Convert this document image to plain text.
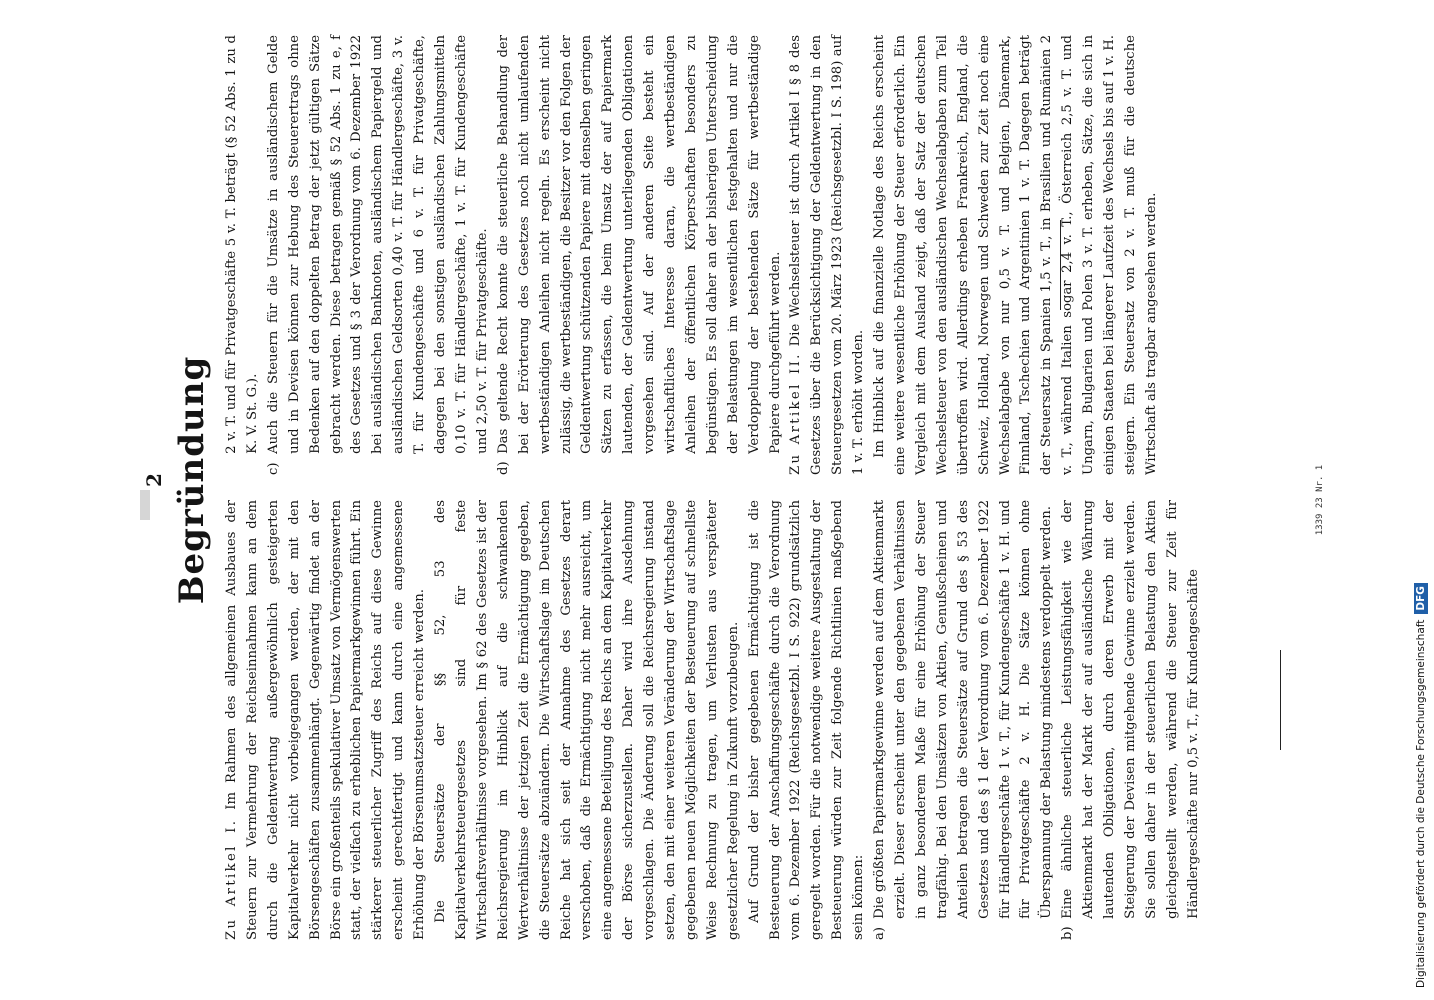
2 Begründung

Zu Artikel I. Im Rahmen des allgemeinen Ausbaues der Steuern zur Vermehrung der Reichseinnahmen kann an dem durch die Geldentwertung außergewöhnlich gesteigerten Kapitalverkehr nicht vorbeigegangen werden, der mit den Börsengeschäften zusammenhängt. Gegenwärtig findet an der Börse ein großenteils spekulativer Umsatz von Vermögenswerten statt, der vielfach zu erheblichen Papiermarkgewinnen führt. Ein stärkerer steuerlicher Zugriff des Reichs auf diese Gewinne erscheint gerechtfertigt und kann durch eine angemessene Erhöhung der Börsenumsatzsteuer erreicht werden. Die Steuersätze der §§ 52, 53 des Kapitalverkehrsteuergesetzes sind für feste Wirtschaftsverhältnisse vorgesehen. Im § 62 des Gesetzes ist der Reichsregierung im Hinblick auf die schwankenden Wertverhältnisse der jetzigen Zeit die Ermächtigung gegeben, die Steuersätze abzuändern. Die Wirtschaftslage im Deutschen Reiche hat sich seit der Annahme des Gesetzes derart verschoben, daß die Ermächtigung nicht mehr ausreicht, um eine angemessene Beteiligung des Reichs an dem Kapitalverkehr der Börse sicherzustellen. Daher wird ihre Ausdehnung vorgeschlagen. Die Änderung soll die Reichsregierung instand setzen, den mit einer weiteren Veränderung der Wirtschaftslage gegebenen neuen Möglichkeiten der Besteuerung auf schnellste Weise Rechnung zu tragen, um Verlusten aus verspäteter gesetzlicher Regelung in Zukunft vorzubeugen. Auf Grund der bisher gegebenen Ermächtigung ist die Besteuerung der Anschaffungsgeschäfte durch die Verordnung vom 6. Dezember 1922 (Reichsgesetzbl. I S. 922) grundsätzlich geregelt worden. Für die notwendige weitere Ausgestaltung der Besteuerung würden zur Zeit folgende Richtlinien maßgebend sein können: a)
Die größten Papiermarkgewinne werden auf dem Aktienmarkt erzielt. Dieser erscheint unter den gegebenen Verhältnissen in ganz besonderem Maße für eine Erhöhung der Steuer tragfähig. Bei den Umsätzen von Aktien, Genußscheinen und Anteilen betragen die Steuersätze auf Grund des § 53 des Gesetzes und des § 1 der Verordnung vom 6. Dezember 1922 für Händlergeschäfte 1 v. T., für Kundengeschäfte 1 v. H. und für Privatgeschäfte 2 v. H. Die Sätze können ohne Überspannung der Belastung mindestens verdoppelt werden.

b)
Eine ähnliche steuerliche Leistungsfähigkeit wie der Aktienmarkt hat der Markt der auf ausländische Währung lautenden Obligationen, durch deren Erwerb mit der Steigerung der Devisen mitgehende Gewinne erzielt werden. Sie sollen daher in der steuerlichen Belastung den Aktien gleichgestellt werden, während die Steuer zur Zeit für Händlergeschäfte nur 0,5 v. T., für Kundengeschäfte

2 v. T. und für Privatgeschäfte 5 v. T. beträgt (§ 52 Abs. 1 zu d K. V. St. G.).

c)
Auch die Steuern für die Umsätze in ausländischem Gelde und in Devisen können zur Hebung des Steuerertrags ohne Bedenken auf den doppelten Betrag der jetzt gültigen Sätze gebracht werden. Diese betragen gemäß § 52 Abs. 1 zu e, f des Gesetzes und § 3 der Verordnung vom 6. Dezember 1922 bei ausländischen Banknoten, ausländischem Papiergeld und ausländischen Geldsorten 0,40 v. T. für Händlergeschäfte, 3 v. T. für Kundengeschäfte und 6 v. T. für Privatgeschäfte, dagegen bei den sonstigen ausländischen Zahlungsmitteln 0,10 v. T. für Händlergeschäfte, 1 v. T. für Kundengeschäfte und 2,50 v. T. für Privatgeschäfte.

d)
Das geltende Recht konnte die steuerliche Behandlung der bei der Erörterung des Gesetzes noch nicht umlaufenden wertbeständigen Anleihen nicht regeln. Es erscheint nicht zulässig, die wertbeständigen, die Besitzer vor den Folgen der Geldentwertung schützenden Papiere mit denselben geringen Sätzen zu erfassen, die beim Umsatz der auf Papiermark lautenden, der Geldentwertung unterliegenden Obligationen vorgesehen sind. Auf der anderen Seite besteht ein wirtschaftliches Interesse daran, die wertbeständigen Anleihen der öffentlichen Körperschaften besonders zu begünstigen. Es soll daher an der bisherigen Unterscheidung der Belastungen im wesentlichen festgehalten und nur die Verdoppelung der bestehenden Sätze für wertbeständige Papiere durchgeführt werden. Zu Artikel II. Die Wechselsteuer ist durch Artikel I § 8 des Gesetzes über die Berücksichtigung der Geldentwertung in den Steuergesetzen vom 20. März 1923 (Reichsgesetzbl. I S. 198) auf 1 v. T. erhöht worden. Im Hinblick auf die finanzielle Notlage des Reichs erscheint eine weitere wesentliche Erhöhung der Steuer erforderlich. Ein Vergleich mit dem Ausland zeigt, daß der Satz der deutschen Wechselsteuer von den ausländischen Wechselabgaben zum Teil übertroffen wird. Allerdings erheben Frankreich, England, die Schweiz, Holland, Norwegen und Schweden zur Zeit noch eine Wechselabgabe von nur 0,5 v. T. und Belgien, Dänemark, Finnland, Tschechien und Argentinien 1 v. T. Dagegen beträgt der Steuersatz in Spanien 1,5 v. T., in Brasilien und Rumänien 2 v. T., während Italien sogar 2,4 v. T., Österreich 2,5 v. T. und Ungarn, Bulgarien und Polen 3 v. T. erheben, Sätze, die sich in einigen Staaten bei längerer Laufzeit des Wechsels bis auf 1 v. H. steigern. Ein Steuersatz von 2 v. T. muß für die deutsche Wirtschaft als tragbar angesehen werden.

1339 23 Nr. 1
Digitalisierung gefördert durch die Deutsche Forschungsgemeinschaft
DFG
